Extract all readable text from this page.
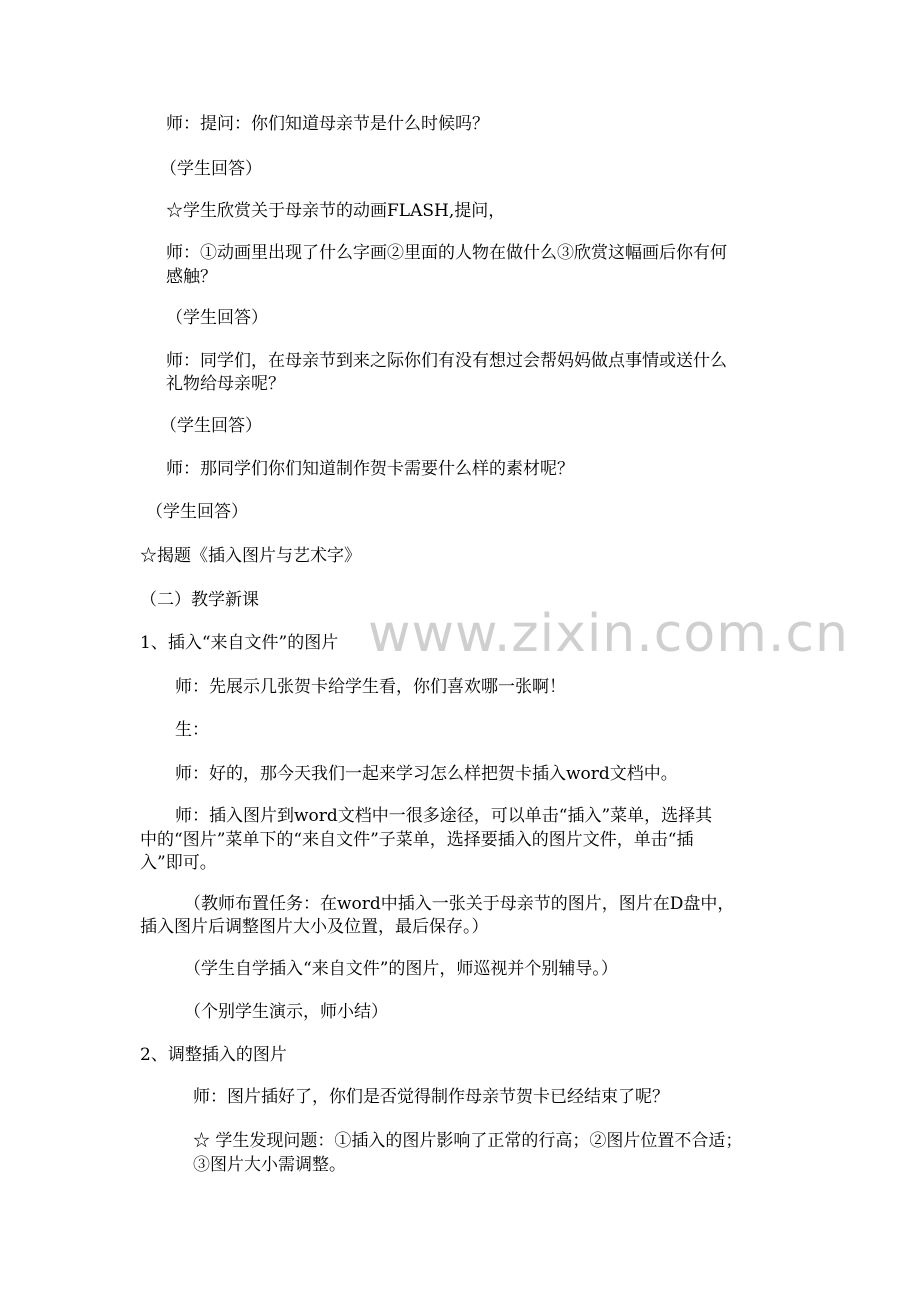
www.zixin.com.cn
师：提问：你们知道母亲节是什么时候吗？
（学生回答）
☆学生欣赏关于母亲节的动画FLASH,提问，
师：①动画里出现了什么字画②里面的人物在做什么③欣赏这幅画后你有何
感触？
（学生回答）
师：同学们，在母亲节到来之际你们有没有想过会帮妈妈做点事情或送什么
礼物给母亲呢？
（学生回答）
师：那同学们你们知道制作贺卡需要什么样的素材呢？
（学生回答）
☆揭题《插入图片与艺术字》
（二）教学新课
1、插入“来自文件”的图片
师：先展示几张贺卡给学生看，你们喜欢哪一张啊！
生：
师：好的，那今天我们一起来学习怎么样把贺卡插入word文档中。
师：插入图片到word文档中一很多途径，可以单击“插入”菜单，选择其
中的“图片”菜单下的“来自文件”子菜单，选择要插入的图片文件，单击“插
入”即可。
（教师布置任务：在word中插入一张关于母亲节的图片，图片在D盘中，
插入图片后调整图片大小及位置，最后保存。）
（学生自学插入“来自文件”的图片，师巡视并个别辅导。）
（个别学生演示，师小结）
2、调整插入的图片
师：图片插好了，你们是否觉得制作母亲节贺卡已经结束了呢？
☆ 学生发现问题：①插入的图片影响了正常的行高；②图片位置不合适；
③图片大小需调整。
